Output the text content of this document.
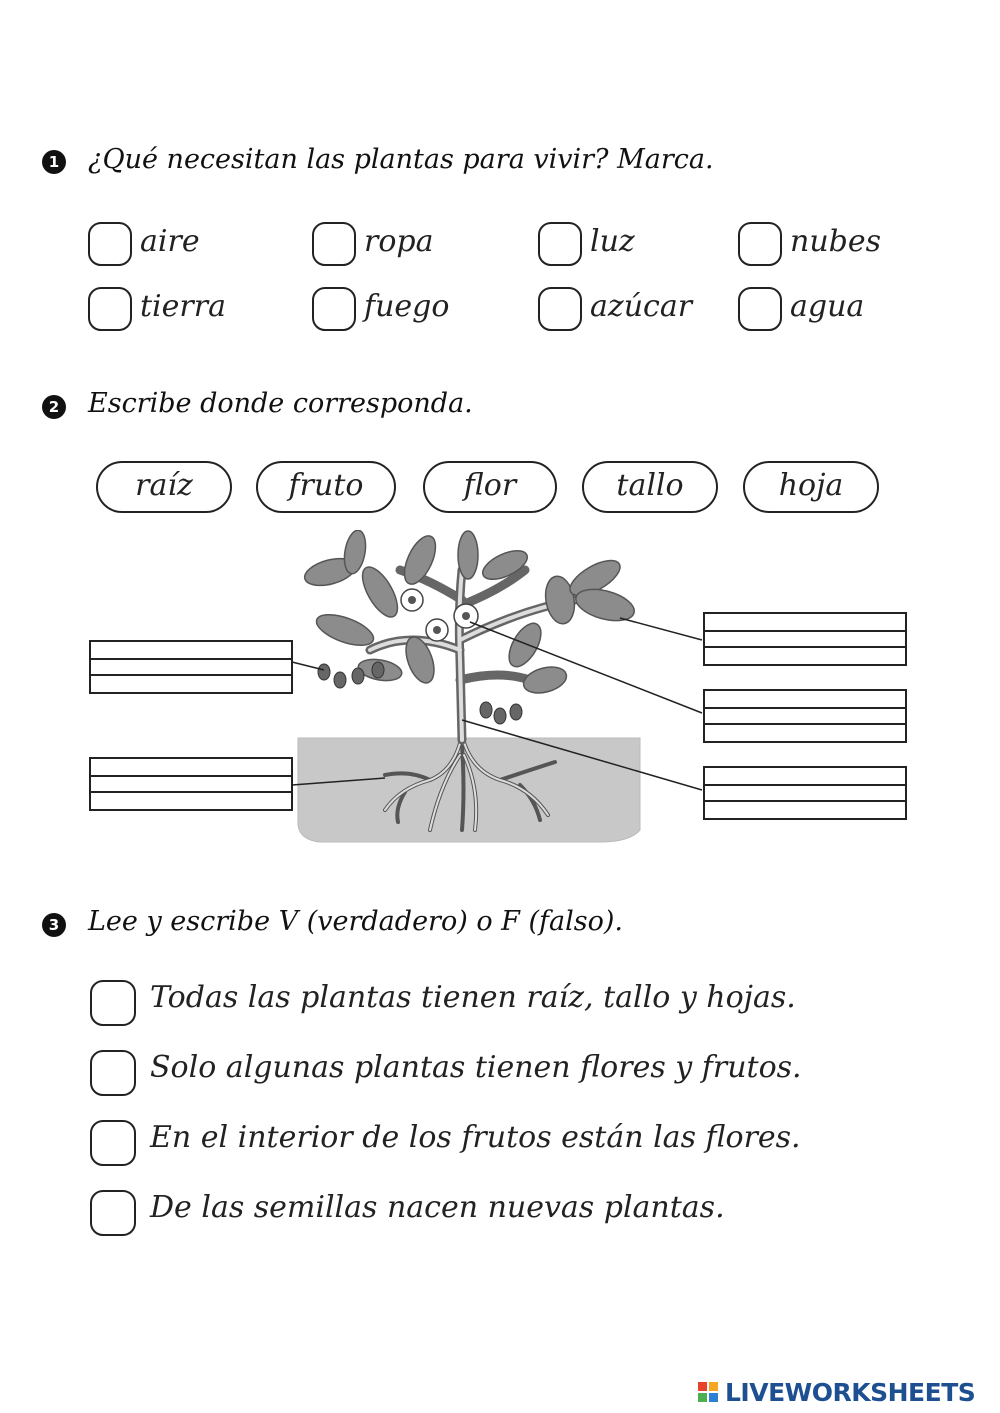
1 ¿Qué necesitan las plantas para vivir? Marca.
aire	ropa	luz	nubes
tierra	fuego	azúcar	agua
2 Escribe donde corresponda.
raíz	fruto	flor	tallo	hoja
3 Lee y escribe V (verdadero) o F (falso).
Todas las plantas tienen raíz, tallo y hojas.
Solo algunas plantas tienen flores y frutos.
En el interior de los frutos están las flores.
De las semillas nacen nuevas plantas.
LIVEWORKSHEETS
